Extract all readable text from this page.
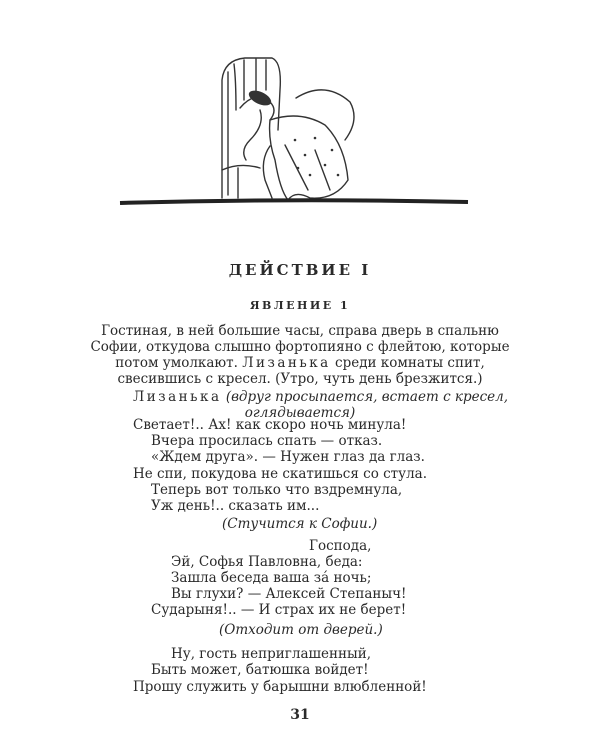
ДЕЙСТВИЕ I
ЯВЛЕНИЕ 1
Гостиная, в ней большие часы, справа дверь в спальню
Софии, откудова слышно фортопияно с флейтою, которые
потом умолкают. Лизанька среди комнаты спит,
свесившись с кресел. (Утро, чуть день брезжится.)
Лизанька (вдруг просыпается, встает с кресел,
оглядывается)
Светает!.. Ах! как скоро ночь минула!
Вчера просилась спать — отказ.
«Ждем друга». — Нужен глаз да глаз.
Не спи, покудова не скатишься со стула.
Теперь вот только что вздремнула,
Уж день!.. сказать им...
(Стучится к Софии.)
Господа,
Эй, Софья Павловна, беда:
Зашла беседа ваша зá ночь;
Вы глухи? — Алексей Степаныч!
Сударыня!.. — И страх их не берет!
(Отходит от дверей.)
Ну, гость неприглашенный,
Быть может, батюшка войдет!
Прошу служить у барышни влюбленной!
31
